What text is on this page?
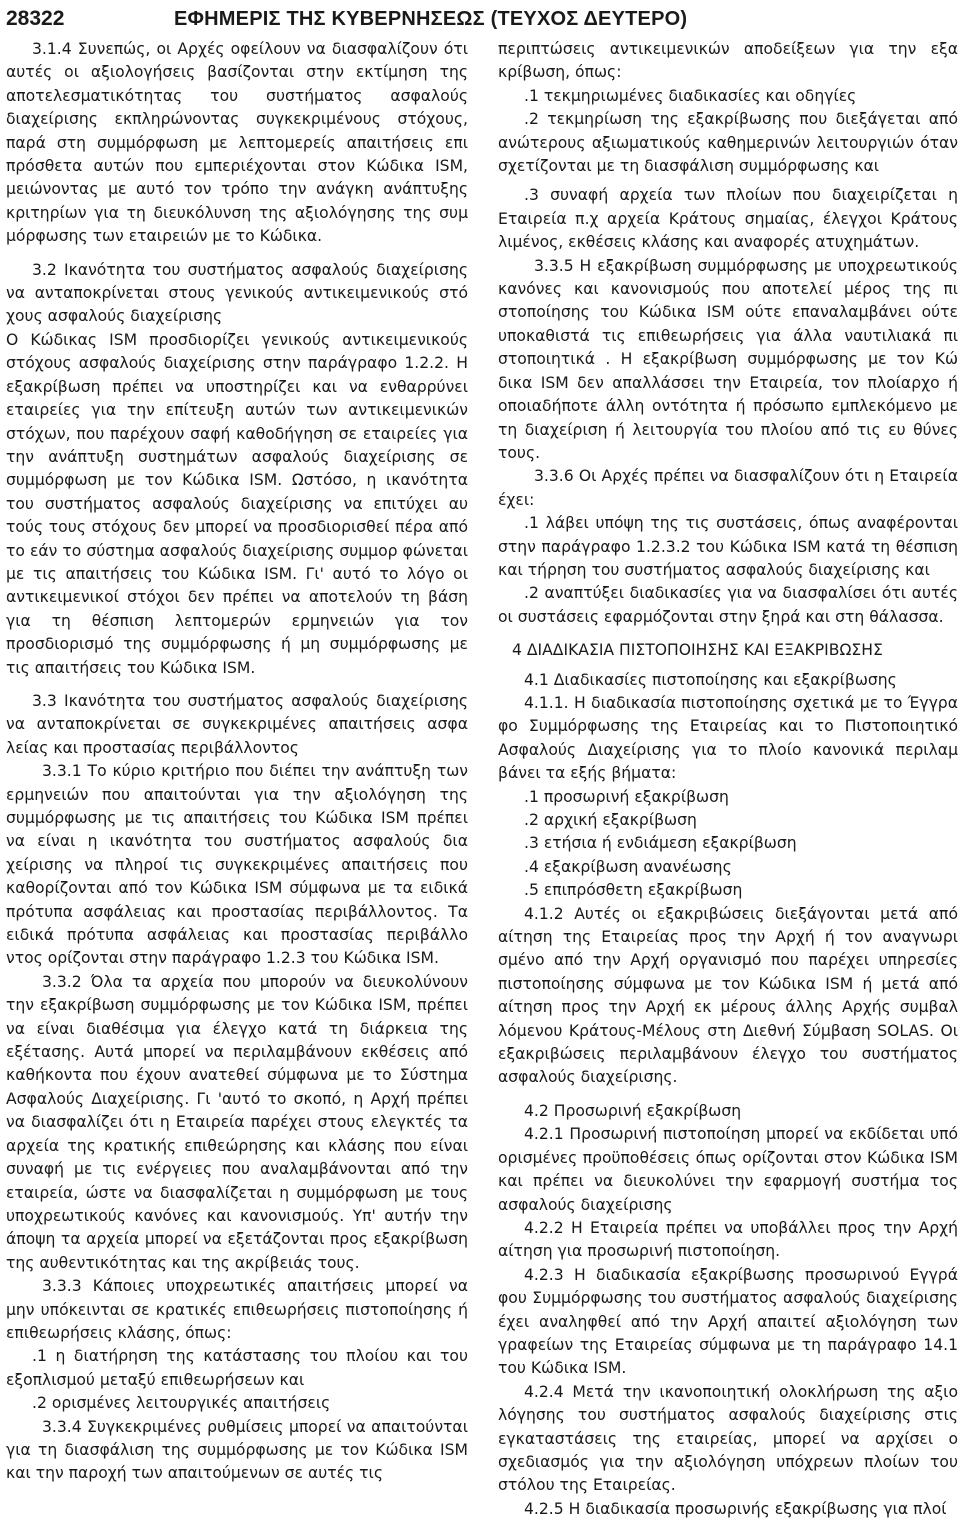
28322	ΕΦΗΜΕΡΙΣ ΤΗΣ ΚΥΒΕΡΝΗΣΕΩΣ (ΤΕΥΧΟΣ ΔΕΥΤΕΡΟ)

3.1.4 Συνεπώς, οι Αρχές οφείλουν να διασφαλίζουν ότι αυτές οι αξιολογήσεις βασίζονται στην εκτίμηση της αποτελεσματικότητας του συστήματος ασφαλούς διαχείρισης εκπληρώνοντας συγκεκριμένους στόχους, παρά στη συμμόρφωση με λεπτομερείς απαιτήσεις επι πρόσθετα αυτών που εμπεριέχονται στον Κώδικα ISM, μειώνοντας με αυτό τον τρόπο την ανάγκη ανάπτυξης κριτηρίων για τη διευκόλυνση της αξιολόγησης της συμ μόρφωσης των εταιρειών με το Κώδικα.

3.2 Ικανότητα του συστήματος ασφαλούς διαχείρισης να ανταποκρίνεται στους γενικούς αντικειμενικούς στό χους ασφαλούς διαχείρισης

Ο Κώδικας ISM προσδιορίζει γενικούς αντικειμενικούς στόχους ασφαλούς διαχείρισης στην παράγραφο 1.2.2. Η εξακρίβωση πρέπει να υποστηρίζει και να ενθαρρύνει εταιρείες για την επίτευξη αυτών των αντικειμενικών στόχων, που παρέχουν σαφή καθοδήγηση σε εταιρείες για την ανάπτυξη συστημάτων ασφαλούς διαχείρισης σε συμμόρφωση με τον Κώδικα ISM. Ωστόσο, η ικανότητα του συστήματος ασφαλούς διαχείρισης να επιτύχει αυ τούς τους στόχους δεν μπορεί να προσδιορισθεί πέρα από το εάν το σύστημα ασφαλούς διαχείρισης συμμορ φώνεται με τις απαιτήσεις του Κώδικα ISM. Γι' αυτό το λόγο οι αντικειμενικοί στόχοι δεν πρέπει να αποτελούν τη βάση για τη θέσπιση λεπτομερών ερμηνειών για τον προσδιορισμό της συμμόρφωσης ή μη συμμόρφωσης με τις απαιτήσεις του Κώδικα ISM.

3.3 Ικανότητα του συστήματος ασφαλούς διαχείρισης να ανταποκρίνεται σε συγκεκριμένες απαιτήσεις ασφα λείας και προστασίας περιβάλλοντος

3.3.1 Το κύριο κριτήριο που διέπει την ανάπτυξη των ερμηνειών που απαιτούνται για την αξιολόγηση της συμμόρφωσης με τις απαιτήσεις του Κώδικα ISM πρέπει να είναι η ικανότητα του συστήματος ασφαλούς δια χείρισης να πληροί τις συγκεκριμένες απαιτήσεις που καθορίζονται από τον Κώδικα ISM σύμφωνα με τα ειδικά πρότυπα ασφάλειας και προστασίας περιβάλλοντος. Τα ειδικά πρότυπα ασφάλειας και προστασίας περιβάλλο ντος ορίζονται στην παράγραφο 1.2.3 του Κώδικα ISM.

3.3.2 Όλα τα αρχεία που μπορούν να διευκολύνουν την εξακρίβωση συμμόρφωσης με τον Κώδικα ISM, πρέπει να είναι διαθέσιμα για έλεγχο κατά τη διάρκεια της εξέτασης. Αυτά μπορεί να περιλαμβάνουν εκθέσεις από καθήκοντα που έχουν ανατεθεί σύμφωνα με το Σύστημα Ασφαλούς Διαχείρισης. Γι 'αυτό το σκοπό, η Αρχή πρέπει να διασφαλίζει ότι η Εταιρεία παρέχει στους ελεγκτές τα αρχεία της κρατικής επιθεώρησης και κλάσης που είναι συναφή με τις ενέργειες που αναλαμβάνονται από την εταιρεία, ώστε να διασφαλίζεται η συμμόρφωση με τους υποχρεωτικούς κανόνες και κανονισμούς. Υπ' αυτήν την άποψη τα αρχεία μπορεί να εξετάζονται προς εξακρίβωση της αυθεντικότητας και της ακρίβειάς τους.

3.3.3 Κάποιες υποχρεωτικές απαιτήσεις μπορεί να μην υπόκεινται σε κρατικές επιθεωρήσεις πιστοποίησης ή επιθεωρήσεις κλάσης, όπως:

.1 η διατήρηση της κατάστασης του πλοίου και του εξοπλισμού μεταξύ επιθεωρήσεων και

.2 ορισμένες λειτουργικές απαιτήσεις

3.3.4 Συγκεκριμένες ρυθμίσεις μπορεί να απαιτούνται για τη διασφάλιση της συμμόρφωσης με τον Κώδικα ISM και την παροχή των απαιτούμενων σε αυτές τις

περιπτώσεις αντικειμενικών αποδείξεων για την εξα κρίβωση, όπως:

.1 τεκμηριωμένες διαδικασίες και οδηγίες

.2 τεκμηρίωση της εξακρίβωσης που διεξάγεται από ανώτερους αξιωματικούς καθημερινών λειτουργιών όταν σχετίζονται με τη διασφάλιση συμμόρφωσης και

.3 συναφή αρχεία των πλοίων που διαχειρίζεται η Εταιρεία π.χ αρχεία Κράτους σημαίας, έλεγχοι Κράτους λιμένος, εκθέσεις κλάσης και αναφορές ατυχημάτων.

3.3.5 Η εξακρίβωση συμμόρφωσης με υποχρεωτικούς κανόνες και κανονισμούς που αποτελεί μέρος της πι στοποίησης του Κώδικα ISM ούτε επαναλαμβάνει ούτε υποκαθιστά τις επιθεωρήσεις για άλλα ναυτιλιακά πι στοποιητικά . Η εξακρίβωση συμμόρφωσης με τον Κώ δικα ISM δεν απαλλάσσει την Εταιρεία, τον πλοίαρχο ή οποιαδήποτε άλλη οντότητα ή πρόσωπο εμπλεκόμενο με τη διαχείριση ή λειτουργία του πλοίου από τις ευ θύνες τους.

3.3.6 Οι Αρχές πρέπει να διασφαλίζουν ότι η Εταιρεία έχει:

.1 λάβει υπόψη της τις συστάσεις, όπως αναφέρονται στην παράγραφο 1.2.3.2 του Κώδικα ISM κατά τη θέσπιση και τήρηση του συστήματος ασφαλούς διαχείρισης και

.2 αναπτύξει διαδικασίες για να διασφαλίσει ότι αυτές οι συστάσεις εφαρμόζονται στην ξηρά και στη θάλασσα.

4 ΔΙΑΔΙΚΑΣΙΑ ΠΙΣΤΟΠΟΙΗΣΗΣ ΚΑΙ ΕΞΑΚΡΙΒΩΣΗΣ

4.1 Διαδικασίες πιστοποίησης και εξακρίβωσης

4.1.1. Η διαδικασία πιστοποίησης σχετικά με το Έγγρα φο Συμμόρφωσης της Εταιρείας και το Πιστοποιητικό Ασφαλούς Διαχείρισης για το πλοίο κανονικά περιλαμ βάνει τα εξής βήματα:

.1 προσωρινή εξακρίβωση

.2 αρχική εξακρίβωση

.3 ετήσια ή ενδιάμεση εξακρίβωση

.4 εξακρίβωση ανανέωσης

.5 επιπρόσθετη εξακρίβωση

4.1.2 Αυτές οι εξακριβώσεις διεξάγονται μετά από αίτηση της Εταιρείας προς την Αρχή ή τον αναγνωρι σμένο από την Αρχή οργανισμό που παρέχει υπηρεσίες πιστοποίησης σύμφωνα με τον Κώδικα ISM ή μετά από αίτηση προς την Αρχή εκ μέρους άλλης Αρχής συμβαλ λόμενου Κράτους-Μέλους στη Διεθνή Σύμβαση SOLAS. Οι εξακριβώσεις περιλαμβάνουν έλεγχο του συστήματος ασφαλούς διαχείρισης.

4.2 Προσωρινή εξακρίβωση

4.2.1 Προσωρινή πιστοποίηση μπορεί να εκδίδεται υπό ορισμένες προϋποθέσεις όπως ορίζονται στον Κώδικα ISM και πρέπει να διευκολύνει την εφαρμογή συστήμα τος ασφαλούς διαχείρισης

4.2.2 Η Εταιρεία πρέπει να υποβάλλει προς την Αρχή αίτηση για προσωρινή πιστοποίηση.

4.2.3 Η διαδικασία εξακρίβωσης προσωρινού Εγγρά φου Συμμόρφωσης του συστήματος ασφαλούς διαχείρισης έχει αναληφθεί από την Αρχή απαιτεί αξιολόγηση των γραφείων της Εταιρείας σύμφωνα με τη παράγραφο 14.1 του Κώδικα ISM.

4.2.4 Μετά την ικανοποιητική ολοκλήρωση της αξιο λόγησης του συστήματος ασφαλούς διαχείρισης στις εγκαταστάσεις της εταιρείας, μπορεί να αρχίσει ο σχεδιασμός για την αξιολόγηση υπόχρεων πλοίων του στόλου της Εταιρείας.

4.2.5 Η διαδικασία προσωρινής εξακρίβωσης για πλοί
